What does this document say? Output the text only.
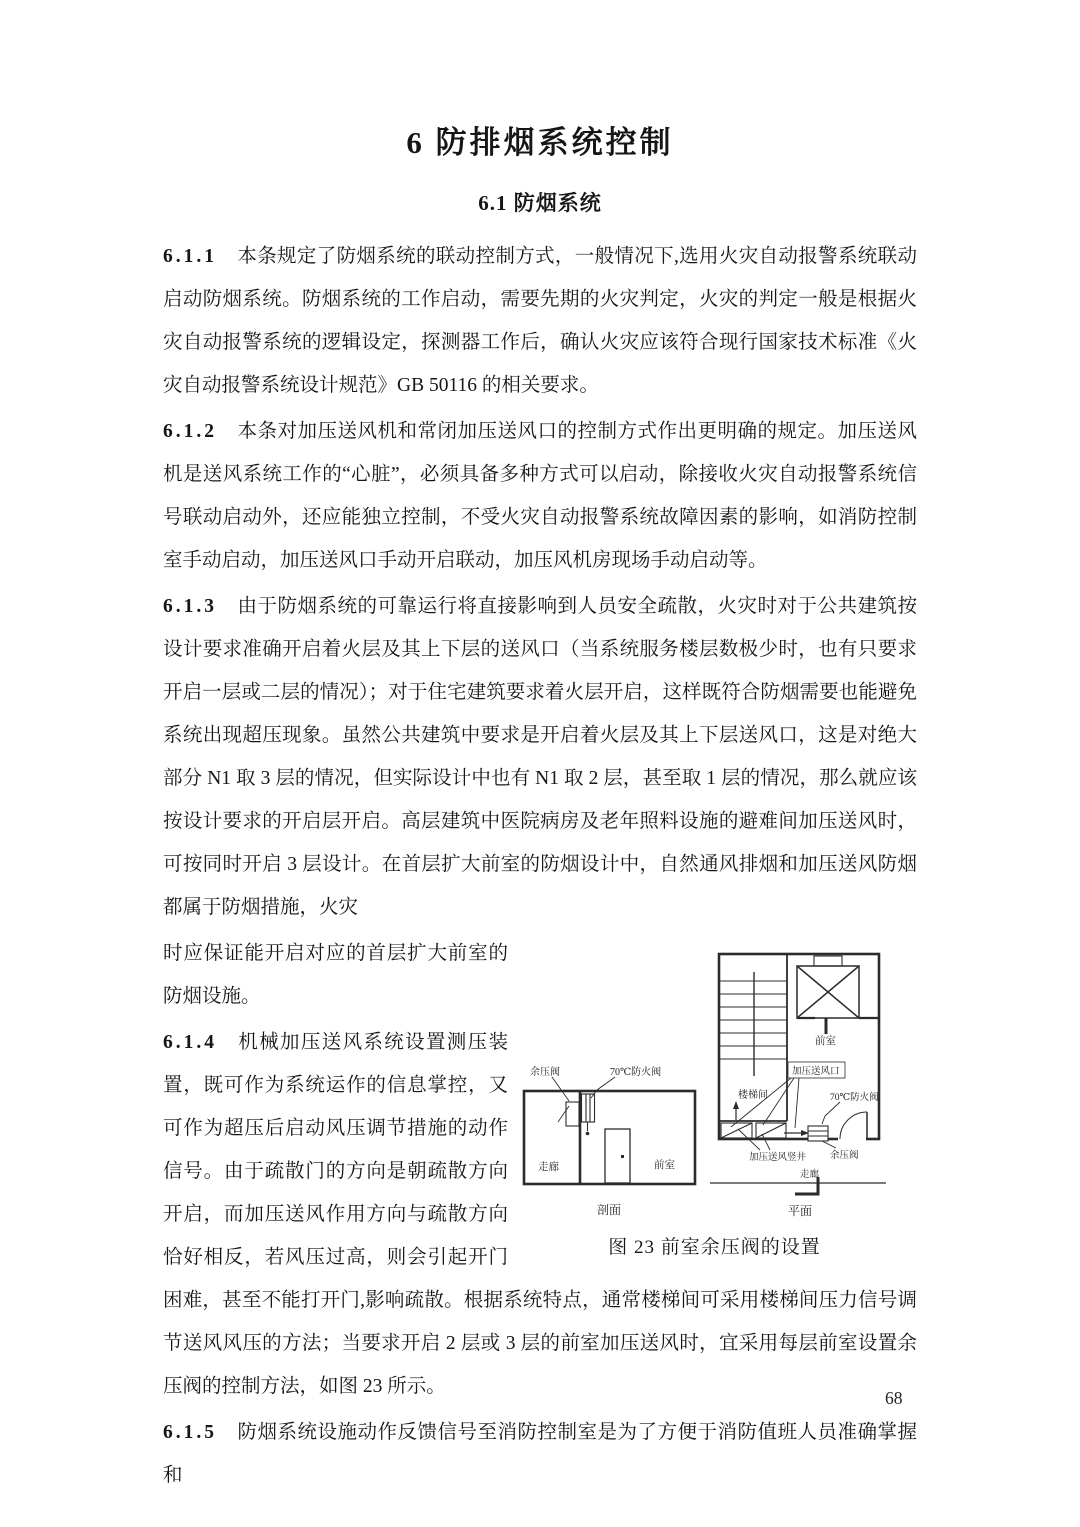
6 防排烟系统控制
6.1 防烟系统

6.1.1 本条规定了防烟系统的联动控制方式，一般情况下,选用火灾自动报警系统联动启动防烟系统。防烟系统的工作启动，需要先期的火灾判定，火灾的判定一般是根据火灾自动报警系统的逻辑设定，探测器工作后，确认火灾应该符合现行国家技术标准《火灾自动报警系统设计规范》GB 50116 的相关要求。

6.1.2 本条对加压送风机和常闭加压送风口的控制方式作出更明确的规定。加压送风机是送风系统工作的“心脏”，必须具备多种方式可以启动，除接收火灾自动报警系统信号联动启动外，还应能独立控制，不受火灾自动报警系统故障因素的影响，如消防控制室手动启动，加压送风口手动开启联动，加压风机房现场手动启动等。

6.1.3 由于防烟系统的可靠运行将直接影响到人员安全疏散，火灾时对于公共建筑按设计要求准确开启着火层及其上下层的送风口（当系统服务楼层数极少时，也有只要求开启一层或二层的情况）；对于住宅建筑要求着火层开启，这样既符合防烟需要也能避免系统出现超压现象。虽然公共建筑中要求是开启着火层及其上下层送风口，这是对绝大部分 N1 取 3 层的情况，但实际设计中也有 N1 取 2 层，甚至取 1 层的情况，那么就应该按设计要求的开启层开启。高层建筑中医院病房及老年照料设施的避难间加压送风时，可按同时开启 3 层设计。在首层扩大前室的防烟设计中，自然通风排烟和加压送风防烟都属于防烟措施，火灾

余压阀	70℃防火阀
走廊	前室
剖面
楼梯间
前室
加压送风口
70℃防火阀
加压送风竖井	余压阀
走廊
平面
图 23 前室余压阀的设置

时应保证能开启对应的首层扩大前室的防烟设施。

6.1.4 机械加压送风系统设置测压装置，既可作为系统运作的信息掌控，又可作为超压后启动风压调节措施的动作信号。由于疏散门的方向是朝疏散方向开启，而加压送风作用方向与疏散方向恰好相反，若风压过高，则会引起开门困难，甚至不能打开门,影响疏散。根据系统特点，通常楼梯间可采用楼梯间压力信号调节送风风压的方法；当要求开启 2 层或 3 层的前室加压送风时，宜采用每层前室设置余压阀的控制方法，如图 23 所示。

6.1.5 防烟系统设施动作反馈信号至消防控制室是为了方便于消防值班人员准确掌握和

68
